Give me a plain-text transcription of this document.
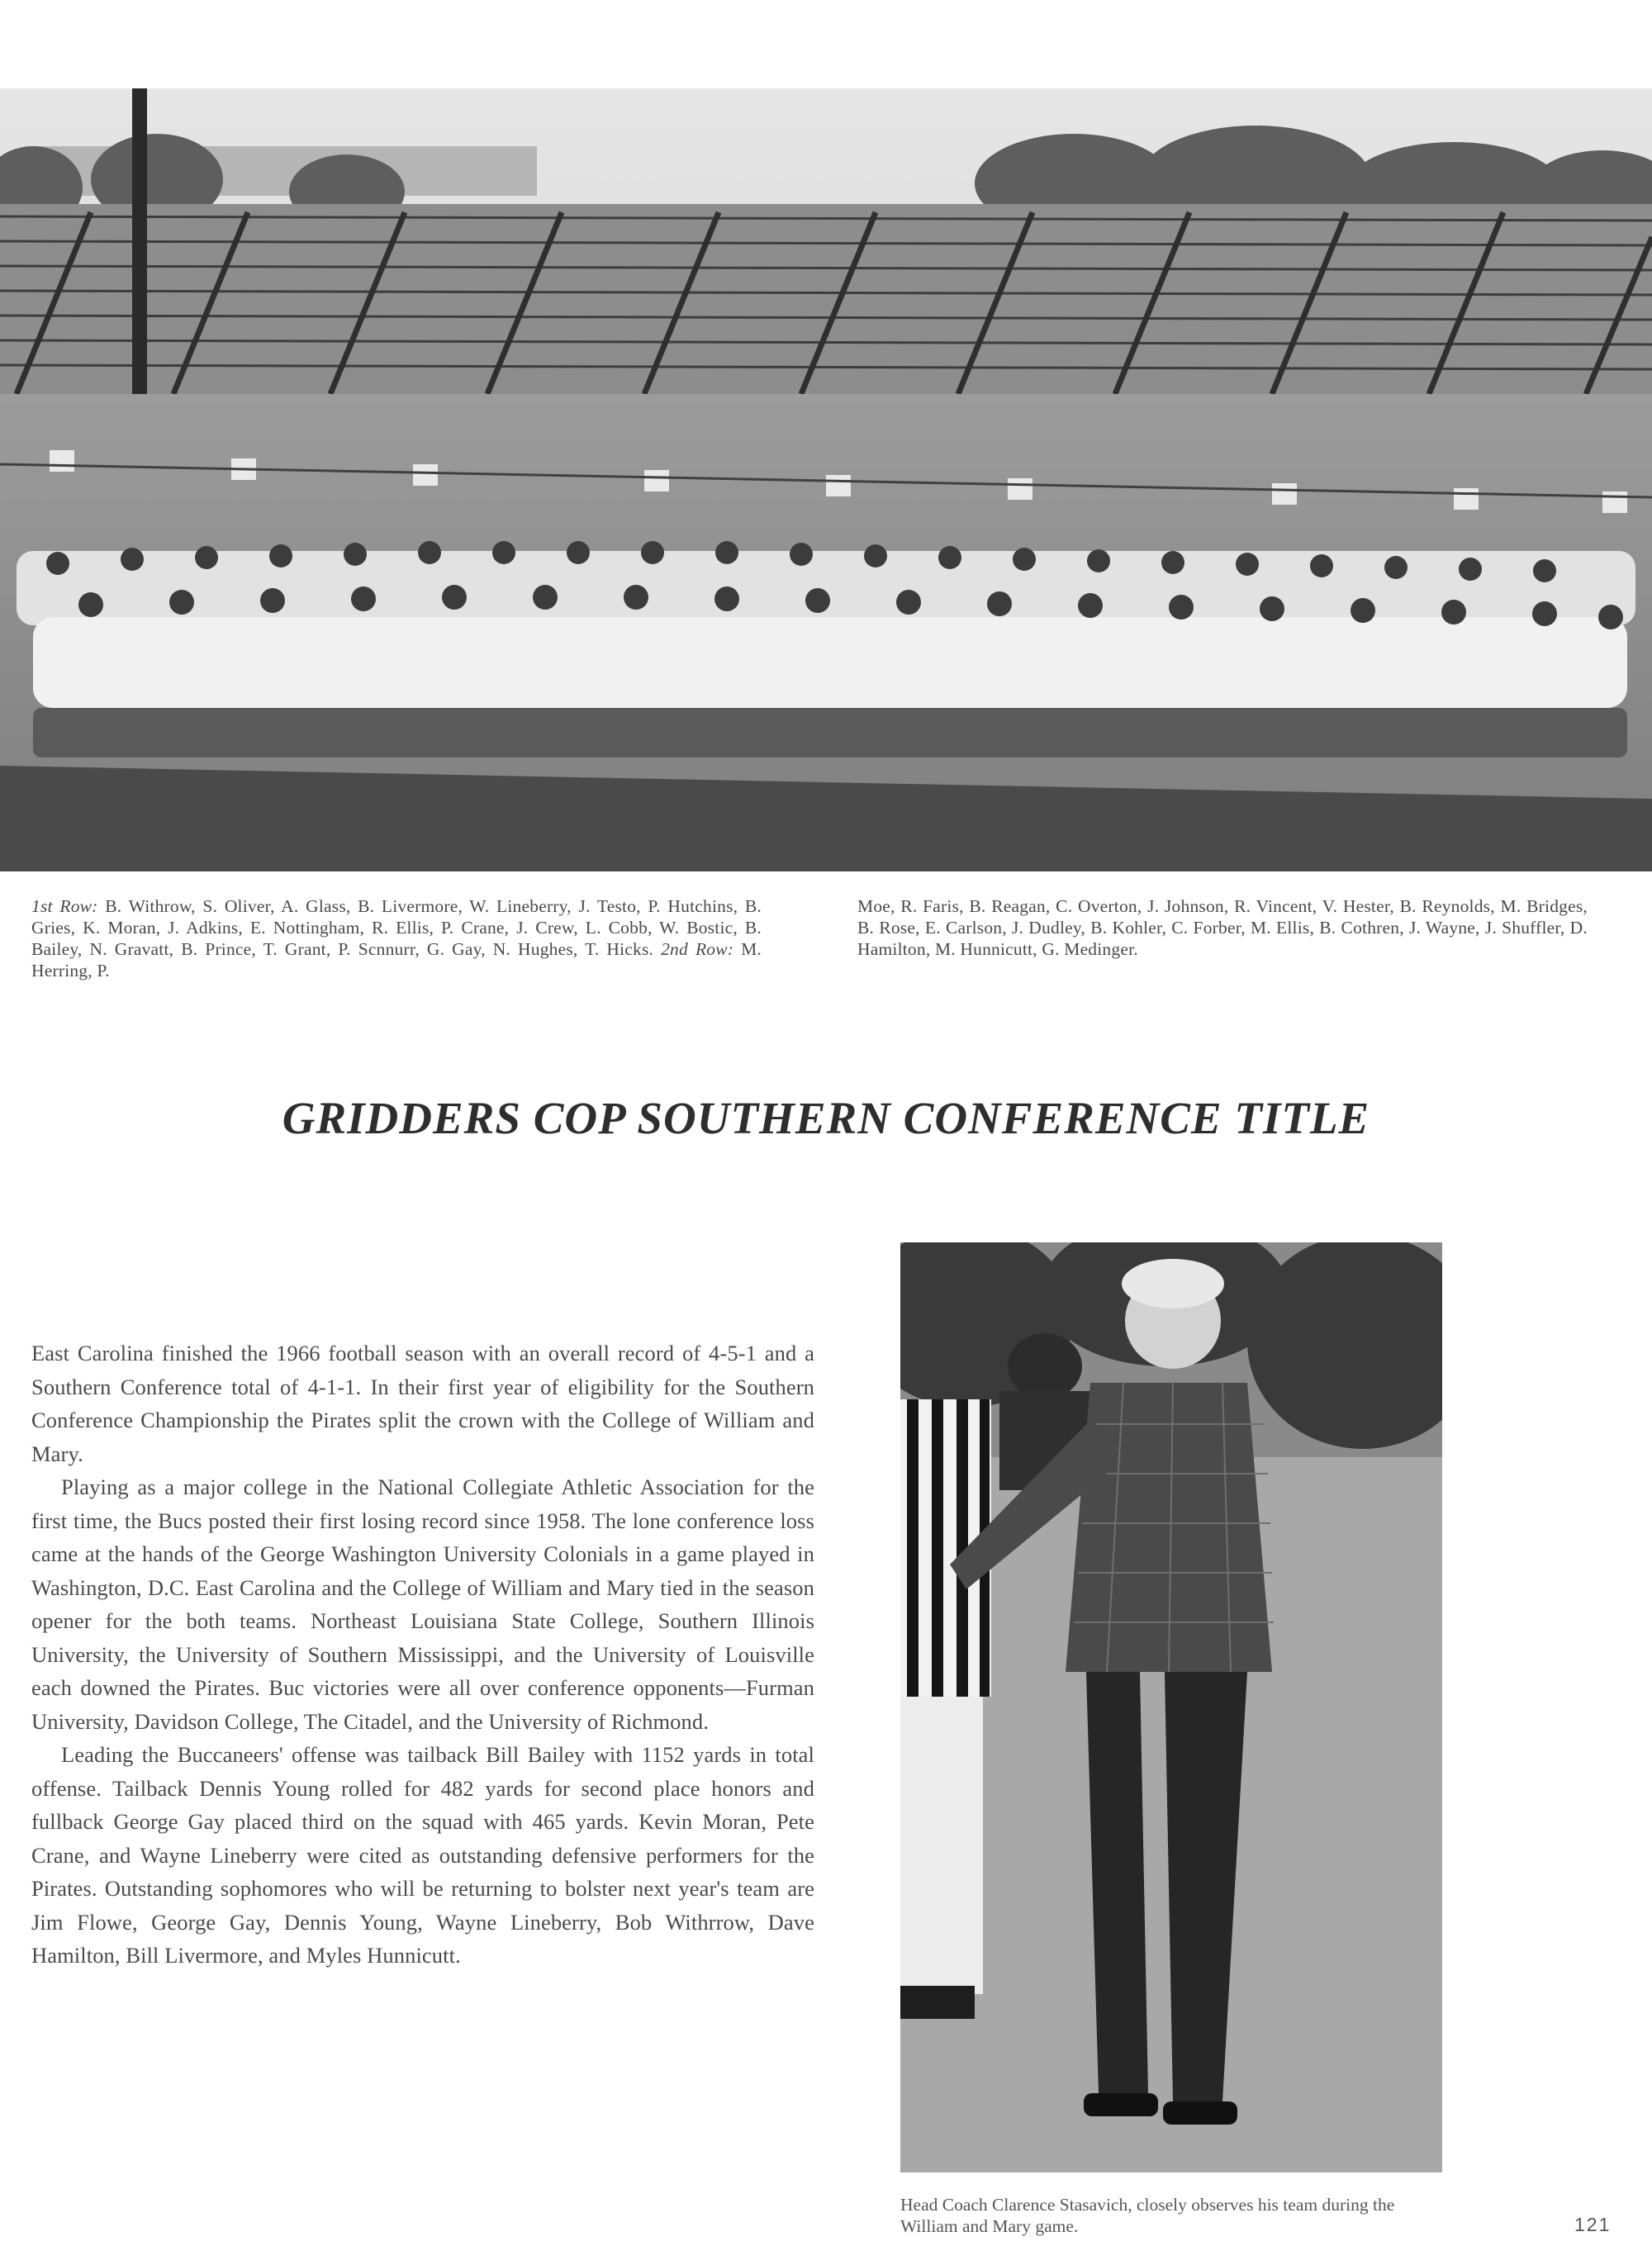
1st Row: B. Withrow, S. Oliver, A. Glass, B. Livermore, W. Lineberry, J. Testo, P. Hutchins, B. Gries, K. Moran, J. Adkins, E. Nottingham, R. Ellis, P. Crane, J. Crew, L. Cobb, W. Bostic, B. Bailey, N. Gravatt, B. Prince, T. Grant, P. Scnnurr, G. Gay, N. Hughes, T. Hicks. 2nd Row: M. Herring, P.
Moe, R. Faris, B. Reagan, C. Overton, J. Johnson, R. Vincent, V. Hester, B. Reynolds, M. Bridges, B. Rose, E. Carlson, J. Dudley, B. Kohler, C. Forber, M. Ellis, B. Cothren, J. Wayne, J. Shuffler, D. Hamilton, M. Hunnicutt, G. Medinger.
GRIDDERS COP SOUTHERN CONFERENCE TITLE

East Carolina finished the 1966 football season with an overall record of 4-5-1 and a Southern Conference total of 4-1-1. In their first year of eligibility for the Southern Conference Championship the Pirates split the crown with the College of William and Mary.

Playing as a major college in the National Collegiate Athletic Association for the first time, the Bucs posted their first losing record since 1958. The lone conference loss came at the hands of the George Washington University Colonials in a game played in Washington, D.C. East Carolina and the College of William and Mary tied in the season opener for the both teams. Northeast Louisiana State College, Southern Illinois University, the University of Southern Mississippi, and the University of Louisville each downed the Pirates. Buc victories were all over conference opponents—Furman University, Davidson College, The Citadel, and the University of Richmond.

Leading the Buccaneers' offense was tailback Bill Bailey with 1152 yards in total offense. Tailback Dennis Young rolled for 482 yards for second place honors and fullback George Gay placed third on the squad with 465 yards. Kevin Moran, Pete Crane, and Wayne Lineberry were cited as outstanding defensive performers for the Pirates. Outstanding sophomores who will be returning to bolster next year's team are Jim Flowe, George Gay, Dennis Young, Wayne Lineberry, Bob Withrrow, Dave Hamilton, Bill Livermore, and Myles Hunnicutt.

Head Coach Clarence Stasavich, closely observes his team during the William and Mary game.	121
